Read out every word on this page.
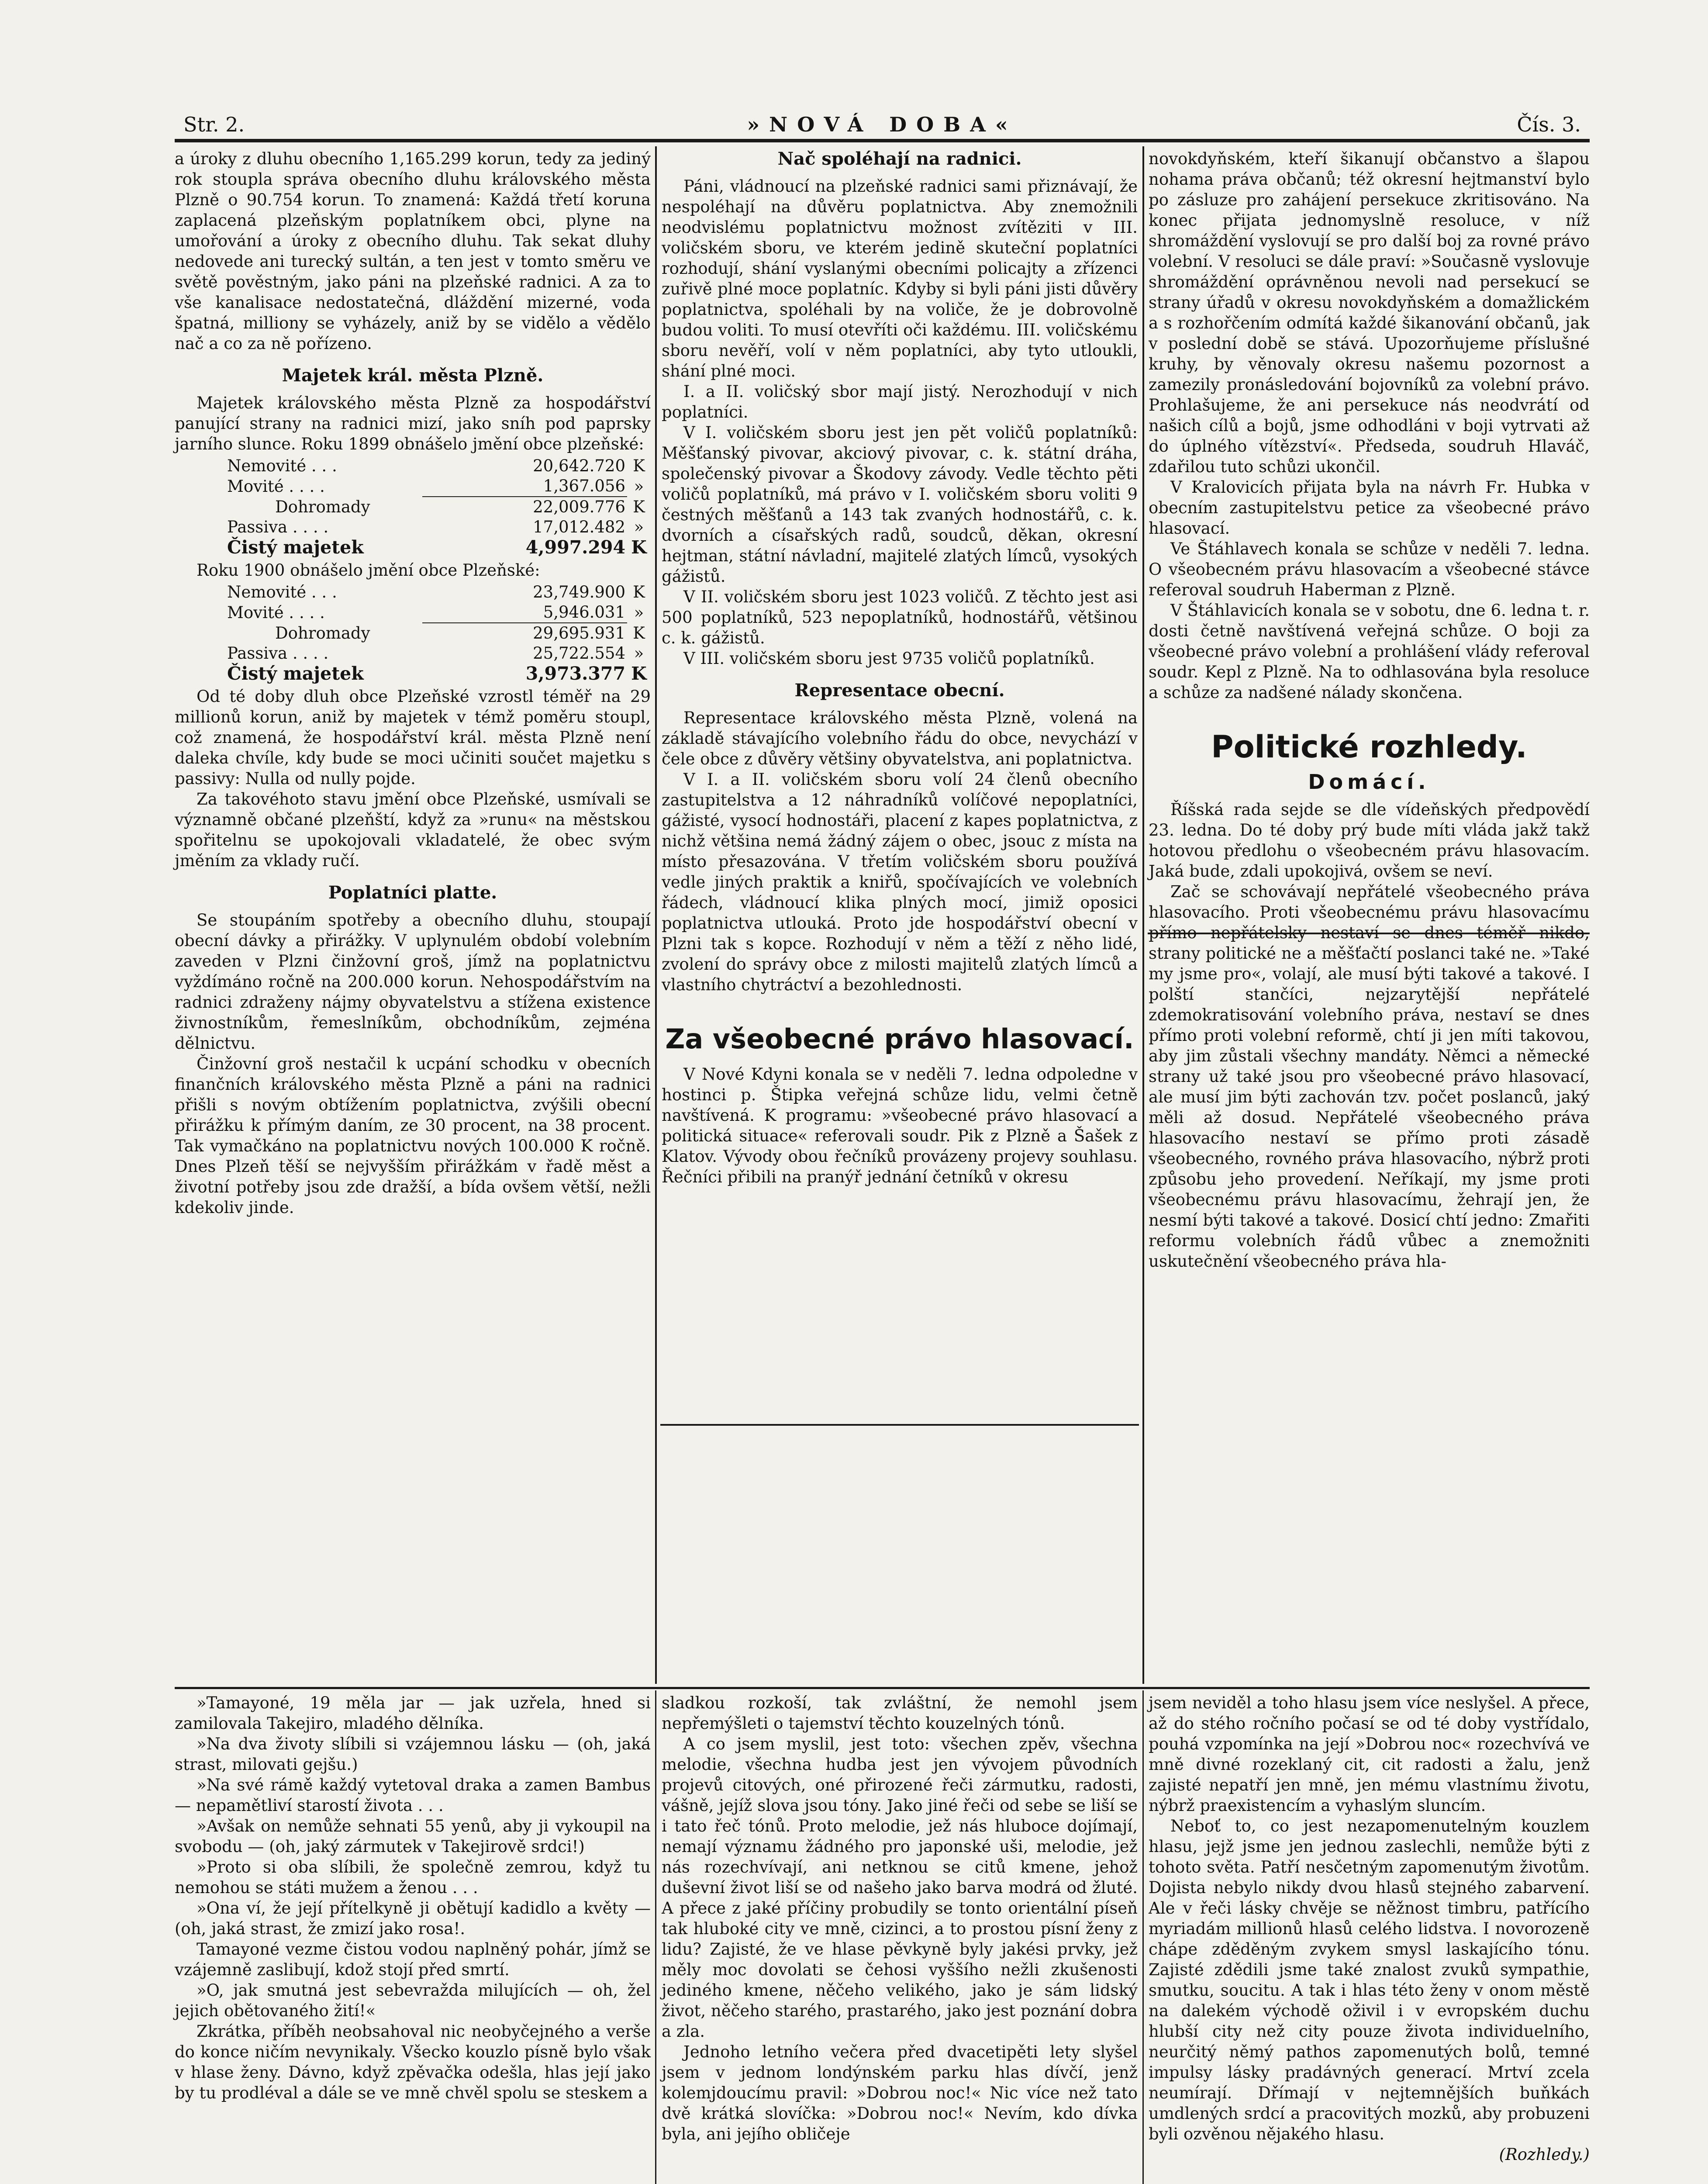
Str. 2.	»NOVÁ DOBA«	Čís. 3.

a úroky z dluhu obecního 1,165.299 korun, tedy za jediný rok stoupla správa obecního dluhu královského města Plzně o 90.754 korun. To znamená: Každá třetí koruna zaplacená plzeňským poplatníkem obci, plyne na umořování a úroky z obecního dluhu. Tak sekat dluhy nedovede ani turecký sultán, a ten jest v tomto směru ve světě pověstným, jako páni na plzeňské radnici. A za to vše kanalisace nedostatečná, dláždění mizerné, voda špatná, milliony se vyházely, aniž by se vidělo a vědělo nač a co za ně pořízeno.

Majetek král. města Plzně.

Majetek královského města Plzně za hospodářství panující strany na radnici mizí, jako sníh pod paprsky jarního slunce. Roku 1899 obnášelo jmění obce plzeňské:

Nemovité . . .	20,642.720	K
Movité . . . .	1,367.056	»
Dohromady	22,009.776	K
Passiva . . . .	17,012.482	»
Čistý majetek	4,997.294	K

Roku 1900 obnášelo jmění obce Plzeňské:

Nemovité . . .	23,749.900	K
Movité . . . .	5,946.031	»
Dohromady	29,695.931	K
Passiva . . . .	25,722.554	»
Čistý majetek	3,973.377	K

Od té doby dluh obce Plzeňské vzrostl téměř na 29 millionů korun, aniž by majetek v témž poměru stoupl, což znamená, že hospodářství král. města Plzně není daleka chvíle, kdy bude se moci učiniti součet majetku s passivy: Nulla od nully pojde.

Za takovéhoto stavu jmění obce Plzeňské, usmívali se významně občané plzeňští, když za »runu« na městskou spořitelnu se upokojovali vkladatelé, že obec svým jměním za vklady ručí.

Poplatníci platte.

Se stoupáním spotřeby a obecního dluhu, stoupají obecní dávky a přirážky. V uplynulém období volebním zaveden v Plzni činžovní groš, jímž na poplatnictvu vyždímáno ročně na 200.000 korun. Nehospodářstvím na radnici zdraženy nájmy obyvatelstvu a stížena existence živnostníkům, řemeslníkům, obchodníkům, zejména dělnictvu.

Činžovní groš nestačil k ucpání schodku v obecních finančních královského města Plzně a páni na radnici přišli s novým obtížením poplatnictva, zvýšili obecní přirážku k přímým daním, ze 30 procent, na 38 procent. Tak vymačkáno na poplatnictvu nových 100.000 K ročně. Dnes Plzeň těší se nejvyšším přirážkám v řadě měst a životní potřeby jsou zde dražší, a bída ovšem větší, nežli kdekoliv jinde.

Nač spoléhají na radnici.

Páni, vládnoucí na plzeňské radnici sami přiznávají, že nespoléhají na důvěru poplatnictva. Aby znemožnili neodvislému poplatnictvu možnost zvítěziti v III. voličském sboru, ve kterém jedině skuteční poplatníci rozhodují, shání vyslanými obecními policajty a zřízenci zuřivě plné moce poplatníc. Kdyby si byli páni jisti důvěry poplatnictva, spoléhali by na voliče, že je dobrovolně budou voliti. To musí otevříti oči každému. III. voličskému sboru nevěří, volí v něm poplatníci, aby tyto utloukli, shání plné moci.

I. a II. voličský sbor mají jistý. Nerozhodují v nich poplatníci.

V I. voličském sboru jest jen pět voličů poplatníků: Měšťanský pivovar, akciový pivovar, c. k. státní dráha, společenský pivovar a Škodovy závody. Vedle těchto pěti voličů poplatníků, má právo v I. voličském sboru voliti 9 čestných měšťanů a 143 tak zvaných hodnostářů, c. k. dvorních a císařských radů, soudců, děkan, okresní hejtman, státní návladní, majitelé zlatých límců, vysokých gážistů.

V II. voličském sboru jest 1023 voličů. Z těchto jest asi 500 poplatníků, 523 nepoplatníků, hodnostářů, většinou c. k. gážistů.

V III. voličském sboru jest 9735 voličů poplatníků.

Representace obecní.

Representace královského města Plzně, volená na základě stávajícího volebního řádu do obce, nevychází v čele obce z důvěry většiny obyvatelstva, ani poplatnictva.

V I. a II. voličském sboru volí 24 členů obecního zastupitelstva a 12 náhradníků volíčové nepoplatníci, gážisté, vysocí hodnostáři, placení z kapes poplatnictva, z nichž většina nemá žádný zájem o obec, jsouc z místa na místo přesazována. V třetím voličském sboru používá vedle jiných praktik a kniřů, spočívajících ve volebních řádech, vládnoucí klika plných mocí, jimiž oposici poplatnictva utlouká. Proto jde hospodářství obecní v Plzni tak s kopce. Rozhodují v něm a těží z něho lidé, zvolení do správy obce z milosti majitelů zlatých límců a vlastního chytráctví a bezohlednosti.

Za všeobecné právo hlasovací.

V Nové Kdyni konala se v neděli 7. ledna odpoledne v hostinci p. Štipka veřejná schůze lidu, velmi četně navštívená. K programu: »všeobecné právo hlasovací a politická situace« referovali soudr. Pik z Plzně a Šašek z Klatov. Vývody obou řečníků provázeny projevy souhlasu. Řečníci přibili na pranýř jednání četníků v okresu

novokdyňském, kteří šikanují občanstvo a šlapou nohama práva občanů; též okresní hejtmanství bylo po zásluze pro zahájení persekuce zkritisováno. Na konec přijata jednomyslně resoluce, v níž shromáždění vyslovují se pro další boj za rovné právo volební. V resoluci se dále praví: »Současně vyslovuje shromáždění oprávněnou nevoli nad persekucí se strany úřadů v okresu novokdyňském a domažlickém a s rozhořčením odmítá každé šikanování občanů, jak v poslední době se stává. Upozorňujeme příslušné kruhy, by věnovaly okresu našemu pozornost a zamezily pronásledování bojovníků za volební právo. Prohlašujeme, že ani persekuce nás neodvrátí od našich cílů a bojů, jsme odhodláni v boji vytrvati až do úplného vítězství«. Předseda, soudruh Hlaváč, zdařilou tuto schůzi ukončil.

V Kralovicích přijata byla na návrh Fr. Hubka v obecním zastupitelstvu petice za všeobecné právo hlasovací.

Ve Štáhlavech konala se schůze v neděli 7. ledna. O všeobecném právu hlasovacím a všeobecné stávce referoval soudruh Haberman z Plzně.

V Štáhlavicích konala se v sobotu, dne 6. ledna t. r. dosti četně navštívená veřejná schůze. O boji za všeobecné právo volební a prohlášení vlády referoval soudr. Kepl z Plzně. Na to odhlasována byla resoluce a schůze za nadšené nálady skončena.

Politické rozhledy.
Domácí.

Říšská rada sejde se dle vídeňských předpovědí 23. ledna. Do té doby prý bude míti vláda jakž takž hotovou předlohu o všeobecném právu hlasovacím. Jaká bude, zdali upokojivá, ovšem se neví.

Zač se schovávají nepřátelé všeobecného práva hlasovacího. Proti všeobecnému právu hlasovacímu přímo nepřátelsky nestaví se dnes téměř nikdo, strany politické ne a měšťačtí poslanci také ne. »Také my jsme pro«, volají, ale musí býti takové a takové. I polští stančíci, nejzarytější nepřátelé zdemokratisování volebního práva, nestaví se dnes přímo proti volební reformě, chtí ji jen míti takovou, aby jim zůstali všechny mandáty. Němci a německé strany už také jsou pro všeobecné právo hlasovací, ale musí jim býti zachován tzv. počet poslanců, jaký měli až dosud. Nepřátelé všeobecného práva hlasovacího nestaví se přímo proti zásadě všeobecného, rovného práva hlasovacího, nýbrž proti způsobu jeho provedení. Neříkají, my jsme proti všeobecnému právu hlasovacímu, žehrají jen, že nesmí býti takové a takové. Dosicí chtí jedno: Zmařiti reformu volebních řádů vůbec a znemožniti uskutečnění všeobecného práva hla-

»Tamayoné, 19 měla jar — jak uzřela, hned si zamilovala Takejiro, mladého dělníka.

»Na dva životy slíbili si vzájemnou lásku — (oh, jaká strast, milovati gejšu.)

»Na své rámě každý vytetoval draka a zamen Bambus — nepamětliví starostí života . . .

»Avšak on nemůže sehnati 55 yenů, aby ji vykoupil na svobodu — (oh, jaký zármutek v Takejirově srdci!)

»Proto si oba slíbili, že společně zemrou, když tu nemohou se státi mužem a ženou . . .

»Ona ví, že její přítelkyně ji obětují kadidlo a květy — (oh, jaká strast, že zmizí jako rosa!.

Tamayoné vezme čistou vodou naplněný pohár, jímž se vzájemně zaslibují, kdož stojí před smrtí.

»O, jak smutná jest sebevražda milujících — oh, žel jejich obětovaného žití!«

Zkrátka, příběh neobsahoval nic neobyčejného a verše do konce ničím nevynikaly. Všecko kouzlo písně bylo však v hlase ženy. Dávno, když zpěvačka odešla, hlas její jako by tu prodléval a dále se ve mně chvěl spolu se steskem a

sladkou rozkoší, tak zvláštní, že nemohl jsem nepřemýšleti o tajemství těchto kouzelných tónů.

A co jsem myslil, jest toto: všechen zpěv, všechna melodie, všechna hudba jest jen vývojem původních projevů citových, oné přirozené řeči zármutku, radosti, vášně, jejíž slova jsou tóny. Jako jiné řeči od sebe se liší se i tato řeč tónů. Proto melodie, jež nás hluboce dojímají, nemají významu žádného pro japonské uši, melodie, jež nás rozechvívají, ani netknou se citů kmene, jehož duševní život liší se od našeho jako barva modrá od žluté. A přece z jaké příčiny probudily se tonto orientální píseň tak hluboké city ve mně, cizinci, a to prostou písní ženy z lidu? Zajisté, že ve hlase pěvkyně byly jakési prvky, jež měly moc dovolati se čehosi vyššího nežli zkušenosti jediného kmene, něčeho velikého, jako je sám lidský život, něčeho starého, prastarého, jako jest poznání dobra a zla.

Jednoho letního večera před dvacetipěti lety slyšel jsem v jednom londýnském parku hlas dívčí, jenž kolemjdoucímu pravil: »Dobrou noc!« Nic více než tato dvě krátká slovíčka: »Dobrou noc!« Nevím, kdo dívka byla, ani jejího obličeje

jsem neviděl a toho hlasu jsem více neslyšel. A přece, až do stého ročního počasí se od té doby vystřídalo, pouhá vzpomínka na její »Dobrou noc« rozechvívá ve mně divné rozeklaný cit, cit radosti a žalu, jenž zajisté nepatří jen mně, jen mému vlastnímu životu, nýbrž praexistencím a vyhaslým sluncím.

Neboť to, co jest nezapomenutelným kouzlem hlasu, jejž jsme jen jednou zaslechli, nemůže býti z tohoto světa. Patří nesčetným zapomenutým životům. Dojista nebylo nikdy dvou hlasů stejného zabarvení. Ale v řeči lásky chvěje se něžnost timbru, patřícího myriadám millionů hlasů celého lidstva. I novorozeně chápe zděděným zvykem smysl laskajícího tónu. Zajisté zdědili jsme také znalost zvuků sympathie, smutku, soucitu. A tak i hlas této ženy v onom městě na dalekém východě oživil i v evropském duchu hlubší city než city pouze života individuelního, neurčitý němý pathos zapomenutých bolů, temné impulsy lásky pradávných generací. Mrtví zcela neumírají. Dřímají v nejtemnějších buňkách umdlených srdcí a pracovitých mozků, aby probuzeni byli ozvěnou nějakého hlasu.

(Rozhledy.)
